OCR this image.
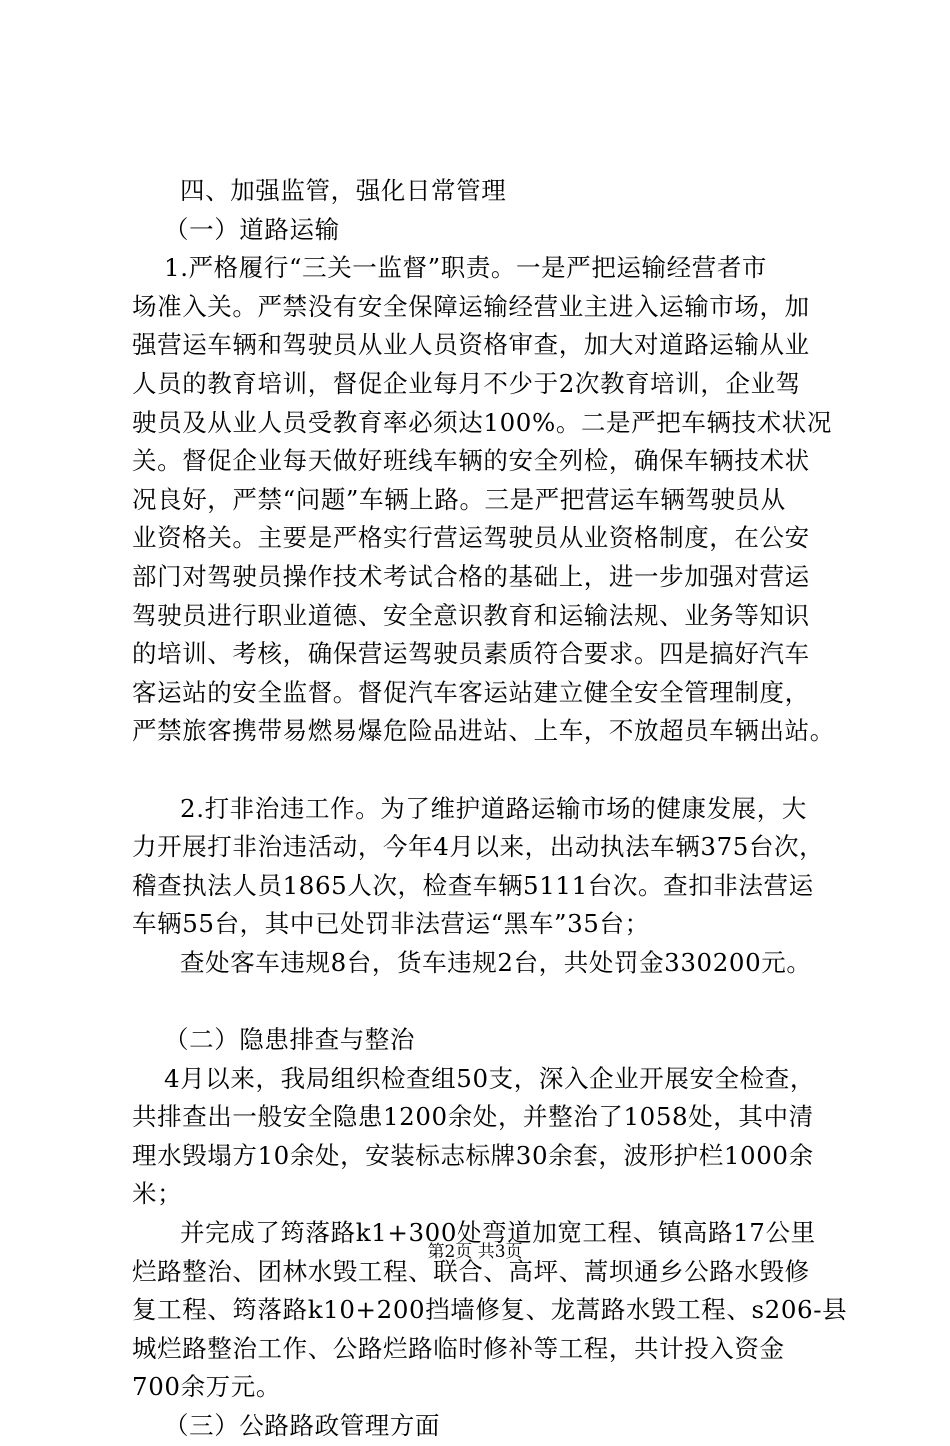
四、加强监管，强化日常管理
（一）道路运输
1.严格履行“三关一监督”职责。一是严把运输经营者市
场准入关。严禁没有安全保障运输经营业主进入运输市场，加
强营运车辆和驾驶员从业人员资格审查，加大对道路运输从业
人员的教育培训，督促企业每月不少于2次教育培训，企业驾
驶员及从业人员受教育率必须达100%。二是严把车辆技术状况
关。督促企业每天做好班线车辆的安全列检，确保车辆技术状
况良好，严禁“问题”车辆上路。三是严把营运车辆驾驶员从
业资格关。主要是严格实行营运驾驶员从业资格制度，在公安
部门对驾驶员操作技术考试合格的基础上，进一步加强对营运
驾驶员进行职业道德、安全意识教育和运输法规、业务等知识
的培训、考核，确保营运驾驶员素质符合要求。四是搞好汽车
客运站的安全监督。督促汽车客运站建立健全安全管理制度，
严禁旅客携带易燃易爆危险品进站、上车，不放超员车辆出站。
2.打非治违工作。为了维护道路运输市场的健康发展，大
力开展打非治违活动，今年4月以来，出动执法车辆375台次，
稽查执法人员1865人次，检查车辆5111台次。查扣非法营运
车辆55台，其中已处罚非法营运“黑车”35台；
查处客车违规8台，货车违规2台，共处罚金330200元。
（二）隐患排查与整治
4月以来，我局组织检查组50支，深入企业开展安全检查，
共排查出一般安全隐患1200余处，并整治了1058处，其中清
理水毁塌方10余处，安装标志标牌30余套，波形护栏1000余
米；
并完成了筠落路k1+300处弯道加宽工程、镇高路17公里
烂路整治、团林水毁工程、联合、高坪、蒿坝通乡公路水毁修
复工程、筠落路k10+200挡墙修复、龙蒿路水毁工程、s206-县
城烂路整治工作、公路烂路临时修补等工程，共计投入资金
700余万元。
（三）公路路政管理方面
第2页 共3页
